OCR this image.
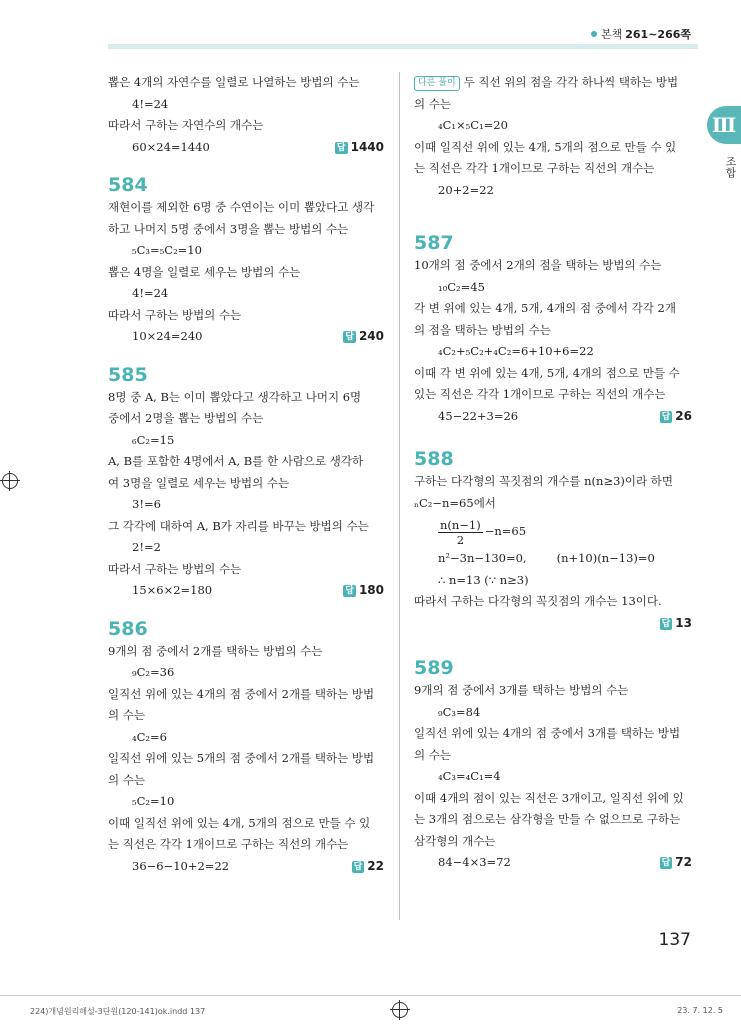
본책 261~266쪽
Ⅲ
조합
뽑은 4개의 자연수를 일렬로 나열하는 방법의 수는
4!=24
따라서 구하는 자연수의 개수는
60×24=1440	답 1440
584
재현이를 제외한 6명 중 수연이는 이미 뽑았다고 생각
하고 나머지 5명 중에서 3명을 뽑는 방법의 수는
₅C₃=₅C₂=10
뽑은 4명을 일렬로 세우는 방법의 수는
4!=24
따라서 구하는 방법의 수는
10×24=240	답 240
585
8명 중 A, B는 이미 뽑았다고 생각하고 나머지 6명
중에서 2명을 뽑는 방법의 수는
₆C₂=15
A, B를 포함한 4명에서 A, B를 한 사람으로 생각하
여 3명을 일렬로 세우는 방법의 수는
3!=6
그 각각에 대하여 A, B가 자리를 바꾸는 방법의 수는
2!=2
따라서 구하는 방법의 수는
15×6×2=180	답 180
586
9개의 점 중에서 2개를 택하는 방법의 수는
₉C₂=36
일직선 위에 있는 4개의 점 중에서 2개를 택하는 방법
의 수는
₄C₂=6
일직선 위에 있는 5개의 점 중에서 2개를 택하는 방법
의 수는
₅C₂=10
이때 일직선 위에 있는 4개, 5개의 점으로 만들 수 있
는 직선은 각각 1개이므로 구하는 직선의 개수는
36−6−10+2=22	답 22
다른 풀이 두 직선 위의 점을 각각 하나씩 택하는 방법
의 수는
₄C₁×₅C₁=20
이때 일직선 위에 있는 4개, 5개의 점으로 만들 수 있
는 직선은 각각 1개이므로 구하는 직선의 개수는
20+2=22
587
10개의 점 중에서 2개의 점을 택하는 방법의 수는
₁₀C₂=45
각 변 위에 있는 4개, 5개, 4개의 점 중에서 각각 2개
의 점을 택하는 방법의 수는
₄C₂+₅C₂+₄C₂=6+10+6=22
이때 각 변 위에 있는 4개, 5개, 4개의 점으로 만들 수
있는 직선은 각각 1개이므로 구하는 직선의 개수는
45−22+3=26	답 26
588
구하는 다각형의 꼭짓점의 개수를 n(n≥3)이라 하면
ₙC₂−n=65에서
$\frac{n(n-1)}{2} -n=65$
n²−3n−130=0,	(n+10)(n−13)=0
∴ n=13 (∵ n≥3)
따라서 구하는 다각형의 꼭짓점의 개수는 13이다.
답 13
589
9개의 점 중에서 3개를 택하는 방법의 수는
₉C₃=84
일직선 위에 있는 4개의 점 중에서 3개를 택하는 방법
의 수는
₄C₃=₄C₁=4
이때 4개의 점이 있는 직선은 3개이고, 일직선 위에 있
는 3개의 점으로는 삼각형을 만들 수 없으므로 구하는
삼각형의 개수는
84−4×3=72	답 72
137
224)개념원리해설-3단원(120-141)ok.indd 137	23. 7. 12. 5
